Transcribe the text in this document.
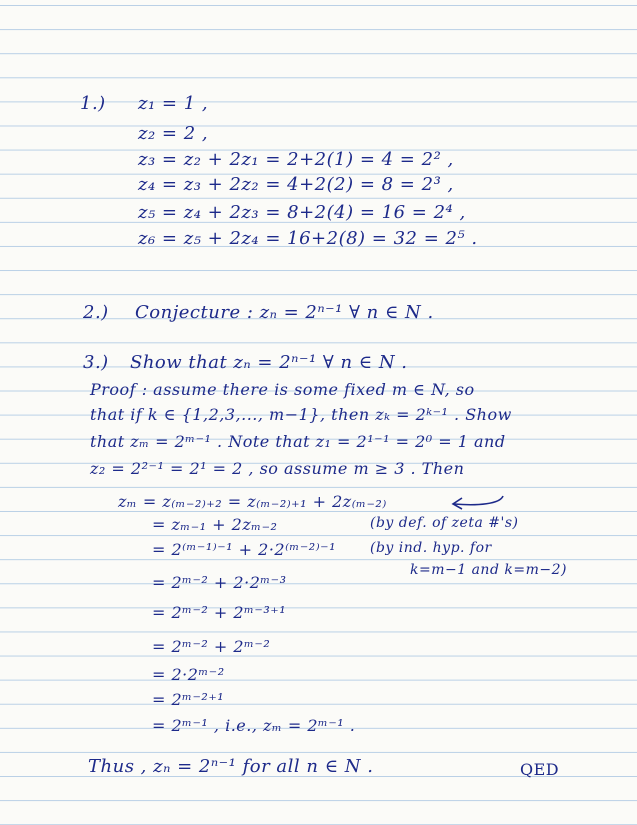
1.) z₁ = 1 ,
z₂ = 2 ,
z₃ = z₂ + 2z₁ = 2+2(1) = 4 = 2² ,
z₄ = z₃ + 2z₂ = 4+2(2) = 8 = 2³ ,
z₅ = z₄ + 2z₃ = 8+2(4) = 16 = 2⁴ ,
z₆ = z₅ + 2z₄ = 16+2(8) = 32 = 2⁵ .
2.) Conjecture : zₙ = 2ⁿ⁻¹ ∀ n ∈ N .
3.) Show that zₙ = 2ⁿ⁻¹ ∀ n ∈ N .
Proof : assume there is some fixed m ∈ N, so
that if k ∈ {1,2,3,..., m−1}, then zₖ = 2ᵏ⁻¹ . Show
that zₘ = 2ᵐ⁻¹ . Note that z₁ = 2¹⁻¹ = 2⁰ = 1 and
z₂ = 2²⁻¹ = 2¹ = 2 , so assume m ≥ 3 . Then
zₘ = z₍ₘ₋₂₎₊₂ = z₍ₘ₋₂₎₊₁ + 2z₍ₘ₋₂₎
= zₘ₋₁ + 2zₘ₋₂	(by def. of zeta #'s)
= 2⁽ᵐ⁻¹⁾⁻¹ + 2·2⁽ᵐ⁻²⁾⁻¹ (by ind. hyp. for
k=m−1 and k=m−2)
= 2ᵐ⁻² + 2·2ᵐ⁻³
= 2ᵐ⁻² + 2ᵐ⁻³⁺¹
= 2ᵐ⁻² + 2ᵐ⁻²
= 2·2ᵐ⁻²
= 2ᵐ⁻²⁺¹
= 2ᵐ⁻¹ , i.e., zₘ = 2ᵐ⁻¹ .
Thus , zₙ = 2ⁿ⁻¹ for all n ∈ N .	QED
